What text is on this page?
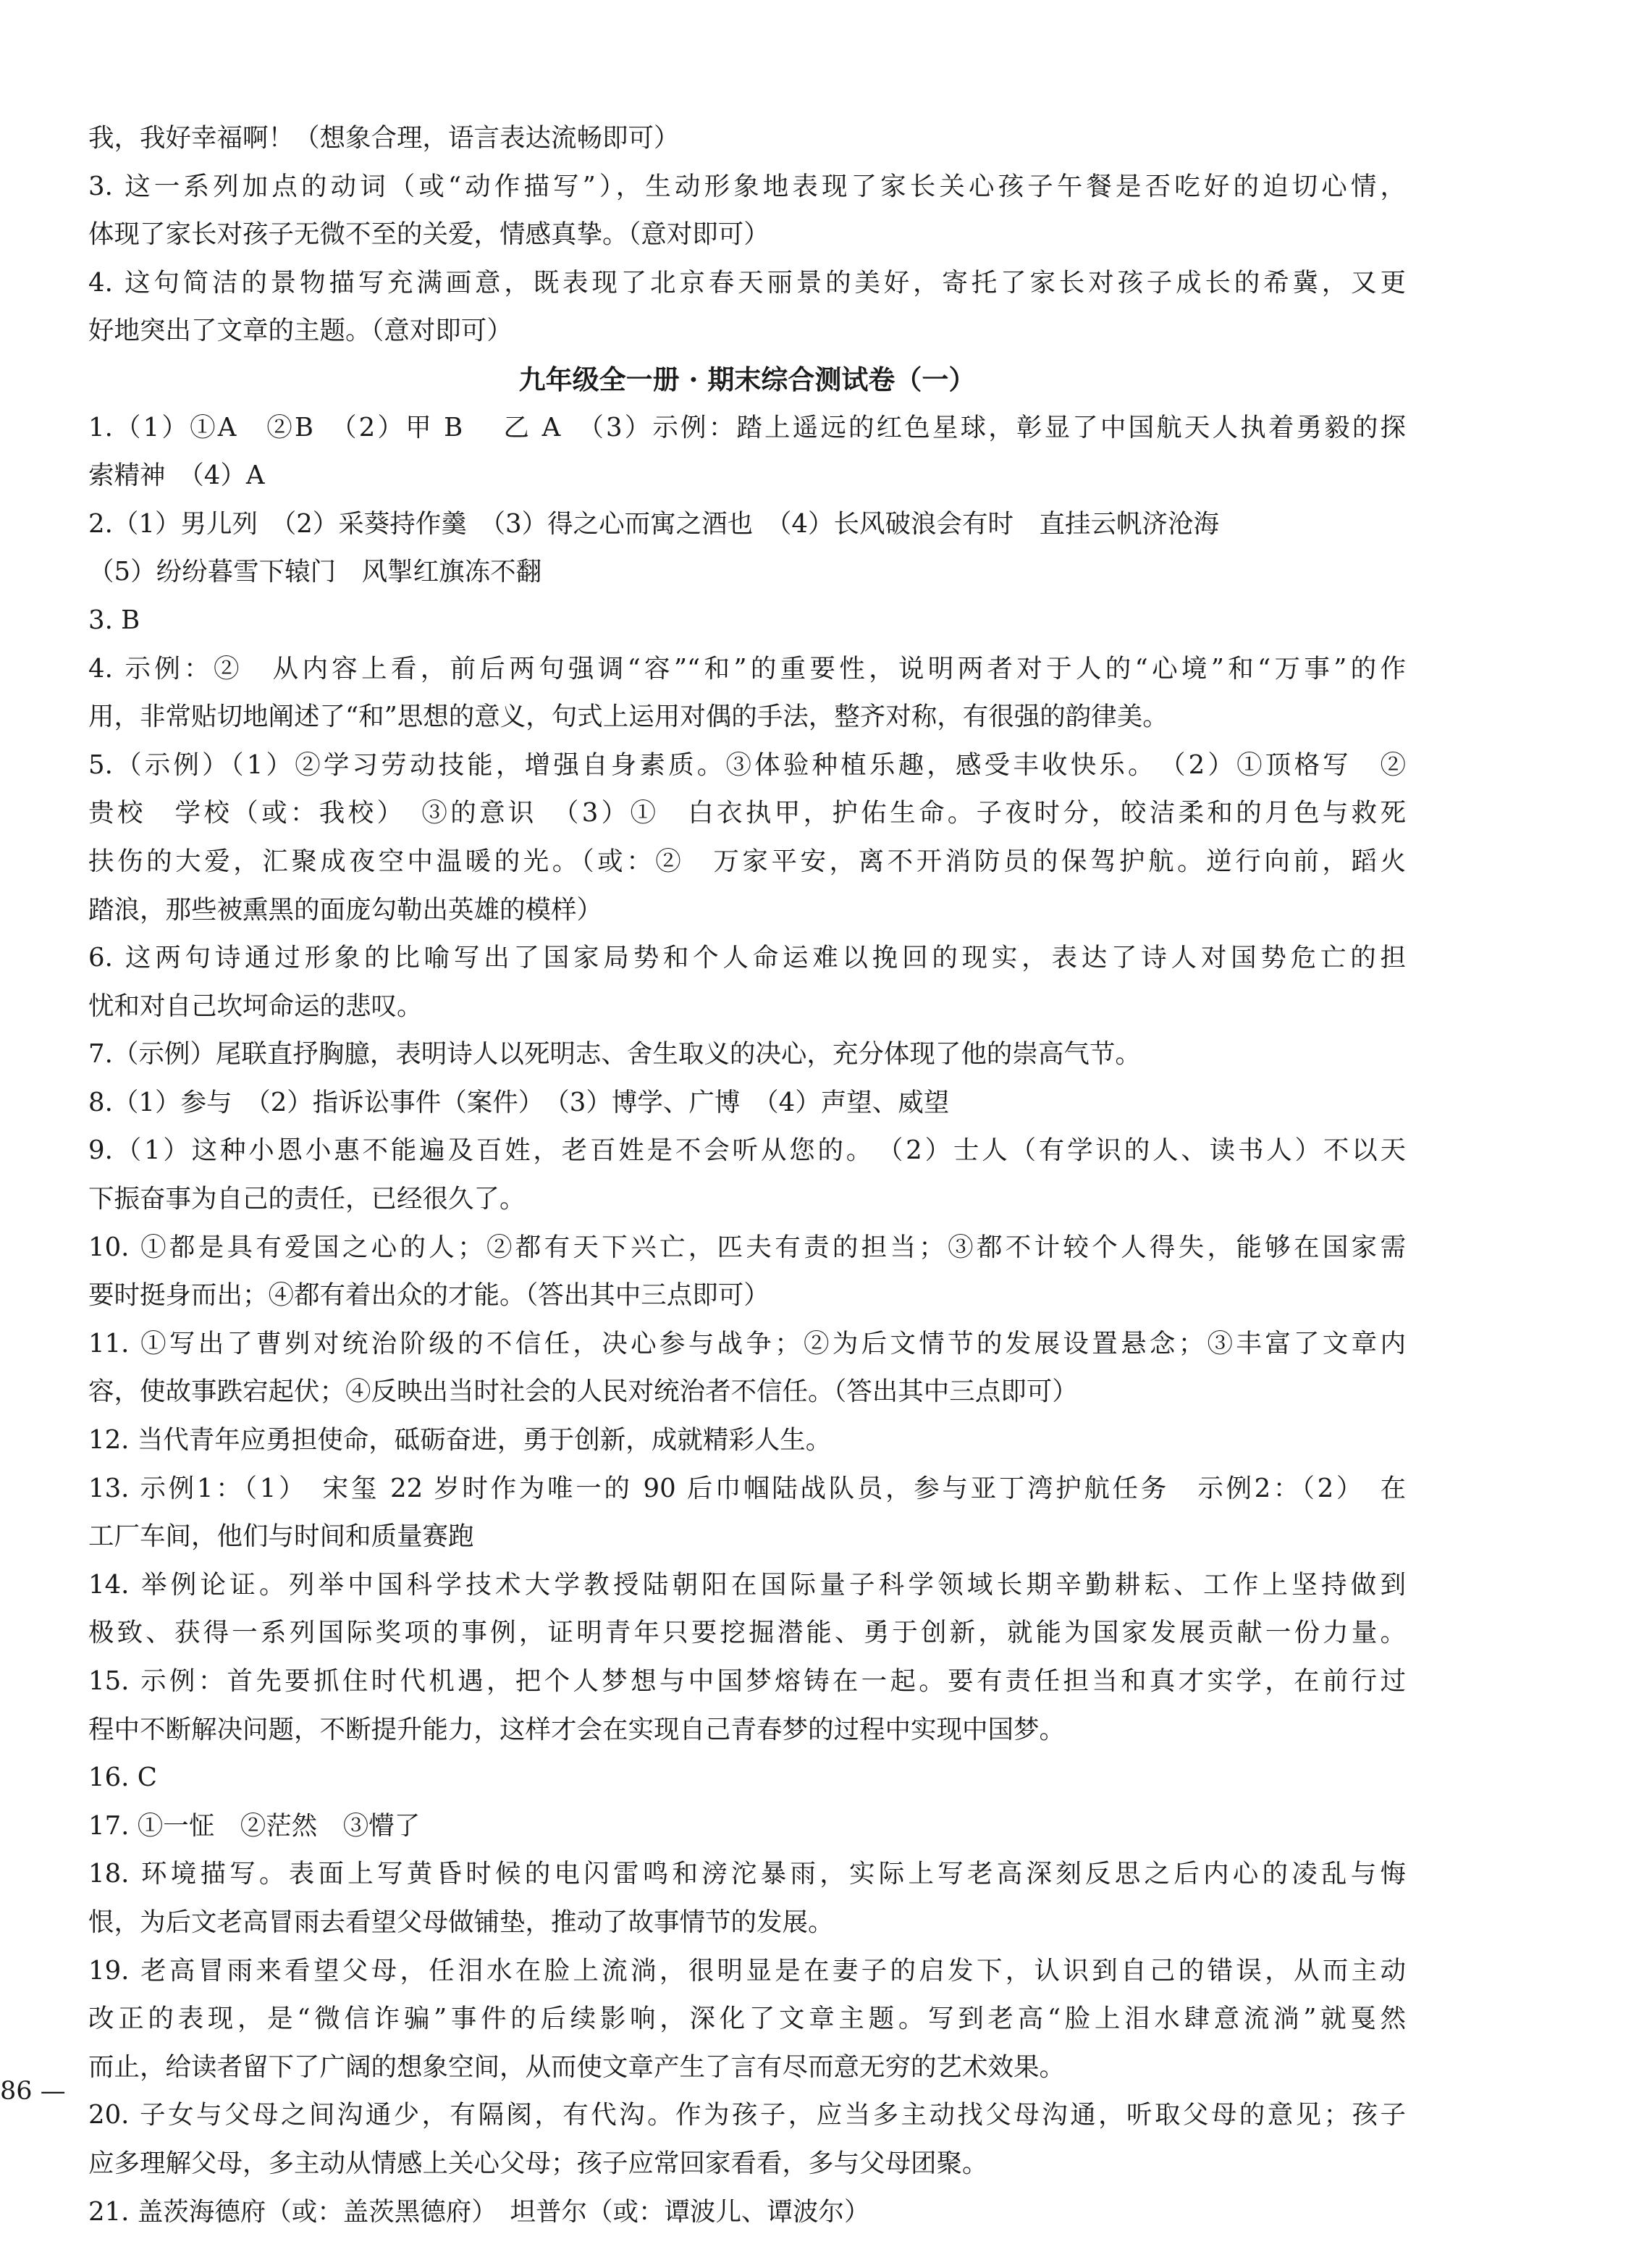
我，我好幸福啊！（想象合理，语言表达流畅即可）
3. 这一系列加点的动词（或“动作描写”），生动形象地表现了家长关心孩子午餐是否吃好的迫切心情，
体现了家长对孩子无微不至的关爱，情感真挚。（意对即可）
4. 这句简洁的景物描写充满画意，既表现了北京春天丽景的美好，寄托了家长对孩子成长的希冀，又更
好地突出了文章的主题。（意对即可）
九年级全一册 · 期末综合测试卷（一）
1.（1）①A　②B　（2）甲 B　 乙 A　（3）示例：踏上遥远的红色星球，彰显了中国航天人执着勇毅的探
索精神　（4）A
2.（1）男儿列　（2）采葵持作羹　（3）得之心而寓之酒也　（4）长风破浪会有时　直挂云帆济沧海
（5）纷纷暮雪下辕门　风掣红旗冻不翻
3. B
4. 示例：②　从内容上看，前后两句强调“容”“和”的重要性，说明两者对于人的“心境”和“万事”的作
用，非常贴切地阐述了“和”思想的意义，句式上运用对偶的手法，整齐对称，有很强的韵律美。
5.（示例）（1）②学习劳动技能，增强自身素质。③体验种植乐趣，感受丰收快乐。　（2）①顶格写　②
贵校　学校（或：我校）　③的意识　（3）①　白衣执甲，护佑生命。子夜时分，皎洁柔和的月色与救死
扶伤的大爱，汇聚成夜空中温暖的光。（或：②　万家平安，离不开消防员的保驾护航。逆行向前，蹈火
踏浪，那些被熏黑的面庞勾勒出英雄的模样）
6. 这两句诗通过形象的比喻写出了国家局势和个人命运难以挽回的现实，表达了诗人对国势危亡的担
忧和对自己坎坷命运的悲叹。
7.（示例）尾联直抒胸臆，表明诗人以死明志、舍生取义的决心，充分体现了他的崇高气节。
8.（1）参与　（2）指诉讼事件（案件）　（3）博学、广博　（4）声望、威望
9.（1）这种小恩小惠不能遍及百姓，老百姓是不会听从您的。　（2）士人（有学识的人、读书人）不以天
下振奋事为自己的责任，已经很久了。
10. ①都是具有爱国之心的人；②都有天下兴亡，匹夫有责的担当；③都不计较个人得失，能够在国家需
要时挺身而出；④都有着出众的才能。（答出其中三点即可）
11. ①写出了曹刿对统治阶级的不信任，决心参与战争；②为后文情节的发展设置悬念；③丰富了文章内
容，使故事跌宕起伏；④反映出当时社会的人民对统治者不信任。（答出其中三点即可）
12. 当代青年应勇担使命，砥砺奋进，勇于创新，成就精彩人生。
13. 示例1：（1）　宋玺 22 岁时作为唯一的 90 后巾帼陆战队员，参与亚丁湾护航任务　示例2：（2）　在
工厂车间，他们与时间和质量赛跑
14. 举例论证。列举中国科学技术大学教授陆朝阳在国际量子科学领域长期辛勤耕耘、工作上坚持做到
极致、获得一系列国际奖项的事例，证明青年只要挖掘潜能、勇于创新，就能为国家发展贡献一份力量。
15. 示例：首先要抓住时代机遇，把个人梦想与中国梦熔铸在一起。要有责任担当和真才实学，在前行过
程中不断解决问题，不断提升能力，这样才会在实现自己青春梦的过程中实现中国梦。
16. C
17. ①一怔　②茫然　③懵了
18. 环境描写。表面上写黄昏时候的电闪雷鸣和滂沱暴雨，实际上写老高深刻反思之后内心的凌乱与悔
恨，为后文老高冒雨去看望父母做铺垫，推动了故事情节的发展。
19. 老高冒雨来看望父母，任泪水在脸上流淌，很明显是在妻子的启发下，认识到自己的错误，从而主动
改正的表现，是“微信诈骗”事件的后续影响，深化了文章主题。写到老高“脸上泪水肆意流淌”就戛然
而止，给读者留下了广阔的想象空间，从而使文章产生了言有尽而意无穷的艺术效果。
20. 子女与父母之间沟通少，有隔阂，有代沟。作为孩子，应当多主动找父母沟通，听取父母的意见；孩子
应多理解父母，多主动从情感上关心父母；孩子应常回家看看，多与父母团聚。
21. 盖茨海德府（或：盖茨黑德府）　坦普尔（或：谭波儿、谭波尔）
86 —
